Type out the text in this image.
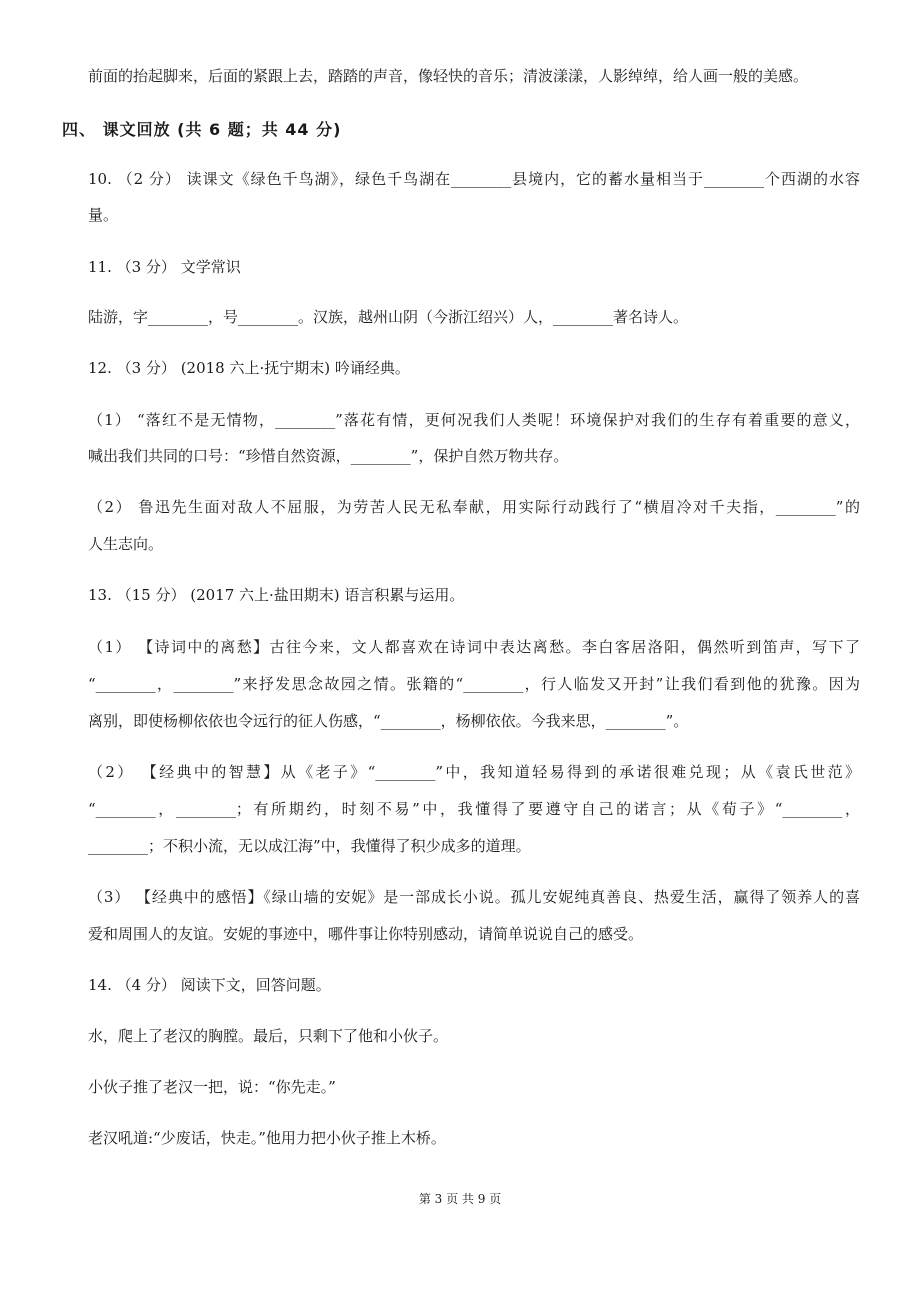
前面的抬起脚来，后面的紧跟上去，踏踏的声音，像轻快的音乐；清波漾漾，人影绰绰，给人画一般的美感。
四、 课文回放 (共 6 题；共 44 分)
10. （2 分） 读课文《绿色千鸟湖》，绿色千鸟湖在________县境内，它的蓄水量相当于________个西湖的水容
量。
11. （3 分） 文学常识
陆游，字________，号________。汉族，越州山阴（今浙江绍兴）人，________著名诗人。
12. （3 分） (2018 六上·抚宁期末) 吟诵经典。
（1） “落红不是无情物，________”落花有情，更何况我们人类呢！环境保护对我们的生存有着重要的意义，
喊出我们共同的口号：“珍惜自然资源，________”，保护自然万物共存。
（2） 鲁迅先生面对敌人不屈服，为劳苦人民无私奉献，用实际行动践行了“横眉冷对千夫指，________”的
人生志向。
13. （15 分） (2017 六上·盐田期末) 语言积累与运用。
（1） 【诗词中的离愁】古往今来，文人都喜欢在诗词中表达离愁。李白客居洛阳，偶然听到笛声，写下了
“________，________”来抒发思念故园之情。张籍的“________，行人临发又开封”让我们看到他的犹豫。因为
离别，即使杨柳依依也令远行的征人伤感，“________，杨柳依依。今我来思，________”。
（2） 【经典中的智慧】从《老子》“________”中，我知道轻易得到的承诺很难兑现；从《袁氏世范》
“________，________；有所期约，时刻不易”中，我懂得了要遵守自己的诺言；从《荀子》“________，
________；不积小流，无以成江海”中，我懂得了积少成多的道理。
（3） 【经典中的感悟】《绿山墙的安妮》是一部成长小说。孤儿安妮纯真善良、热爱生活，赢得了领养人的喜
爱和周围人的友谊。安妮的事迹中，哪件事让你特别感动，请简单说说自己的感受。
14. （4 分） 阅读下文，回答问题。
水，爬上了老汉的胸膛。最后，只剩下了他和小伙子。
小伙子推了老汉一把，说：“你先走。”
老汉吼道:“少废话，快走。”他用力把小伙子推上木桥。
第 3 页 共 9 页
